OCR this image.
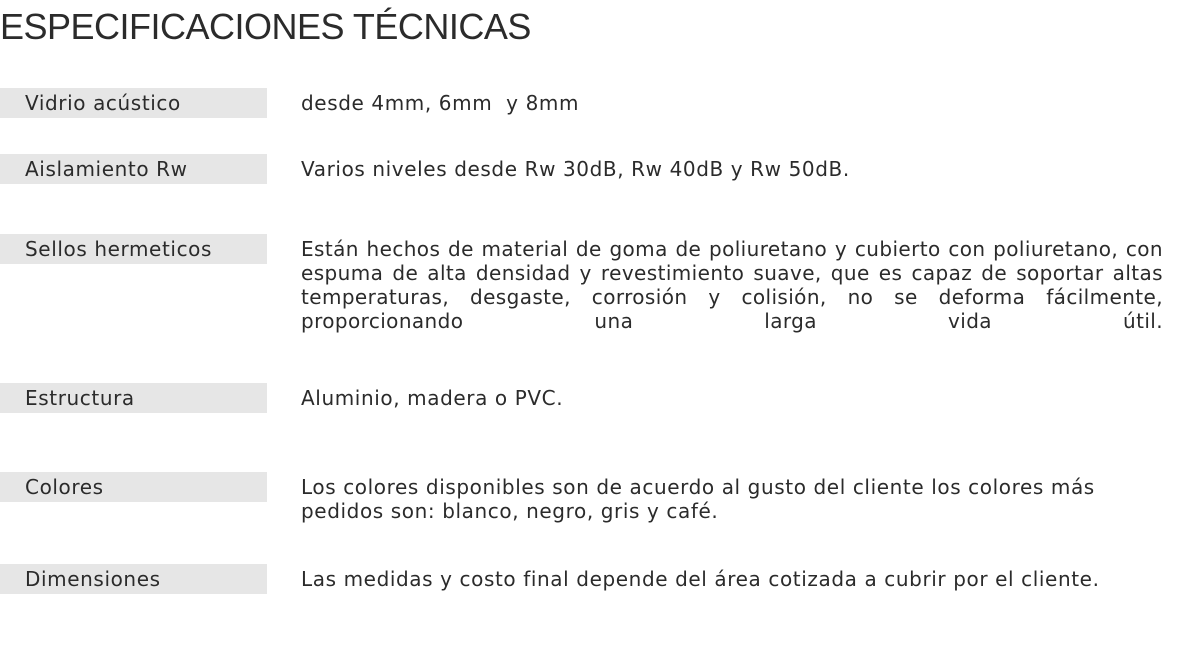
ESPECIFICACIONES TÉCNICAS
Vidrio acústico	desde 4mm, 6mm  y 8mm

Aislamiento Rw	Varios niveles desde Rw 30dB, Rw 40dB y Rw 50dB.

Sellos hermeticos	Están hechos de material de goma de poliuretano y cubierto con poliuretano, con espuma de alta densidad y revestimiento suave, que es capaz de soportar altas temperaturas, desgaste, corrosión y colisión, no se deforma fácilmente, proporcionando una larga vida útil.

Estructura	Aluminio, madera o PVC.

Colores	Los colores disponibles son de acuerdo al gusto del cliente los colores más pedidos son: blanco, negro, gris y café.

Dimensiones	Las medidas y costo final depende del área cotizada a cubrir por el cliente.
